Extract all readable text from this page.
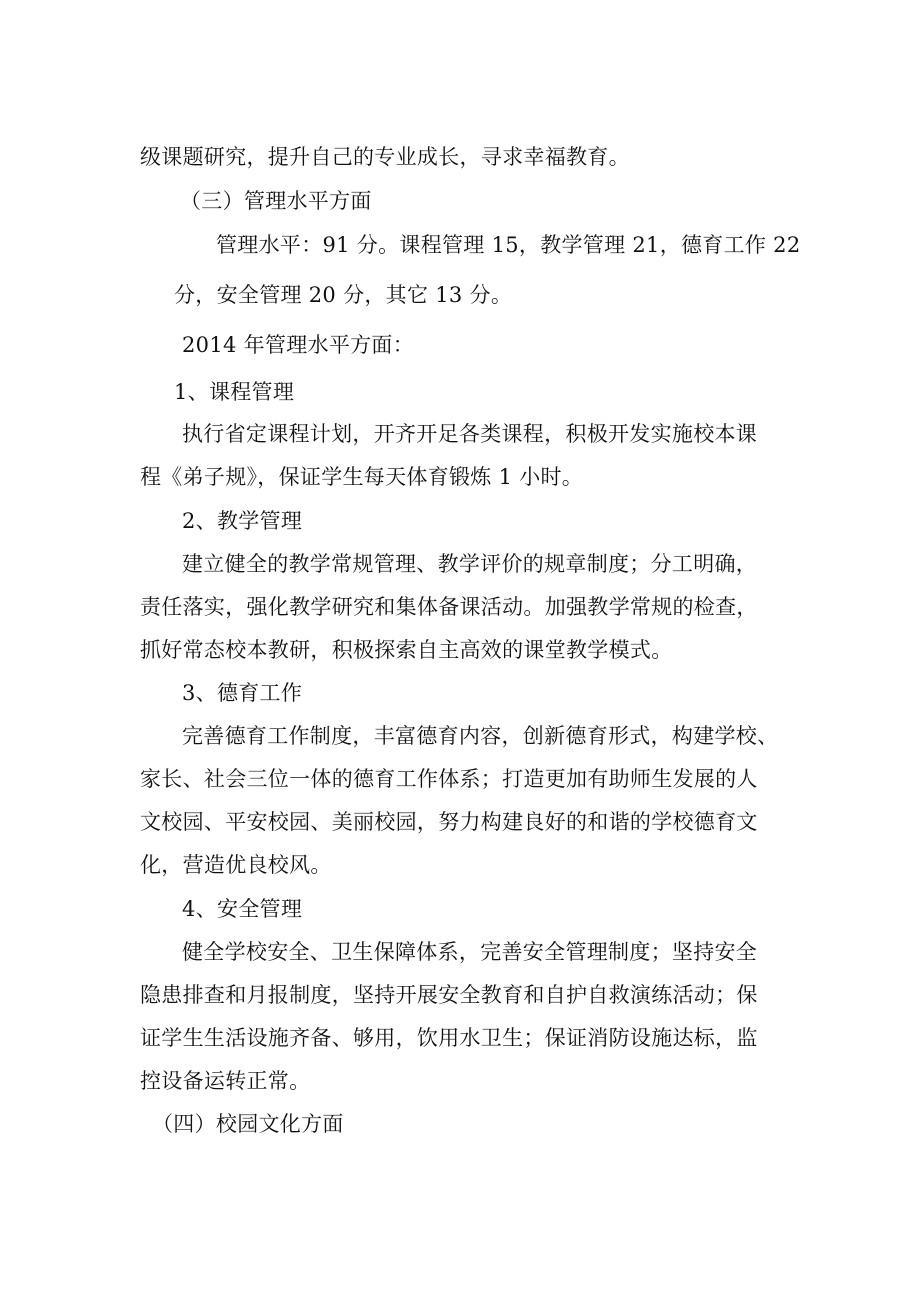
级课题研究，提升自己的专业成长，寻求幸福教育。

（三）管理水平方面

管理水平：91 分。课程管理 15，教学管理 21，德育工作 22

分，安全管理 20 分，其它 13 分。

2014 年管理水平方面：

1、课程管理

执行省定课程计划，开齐开足各类课程，积极开发实施校本课

程《弟子规》，保证学生每天体育锻炼 1 小时。

2、教学管理

建立健全的教学常规管理、教学评价的规章制度；分工明确，

责任落实，强化教学研究和集体备课活动。加强教学常规的检查，

抓好常态校本教研，积极探索自主高效的课堂教学模式。

3、德育工作

完善德育工作制度，丰富德育内容，创新德育形式，构建学校、

家长、社会三位一体的德育工作体系；打造更加有助师生发展的人

文校园、平安校园、美丽校园，努力构建良好的和谐的学校德育文

化，营造优良校风。

4、安全管理

健全学校安全、卫生保障体系，完善安全管理制度；坚持安全

隐患排查和月报制度，坚持开展安全教育和自护自救演练活动；保

证学生生活设施齐备、够用，饮用水卫生；保证消防设施达标，监

控设备运转正常。

（四）校园文化方面
